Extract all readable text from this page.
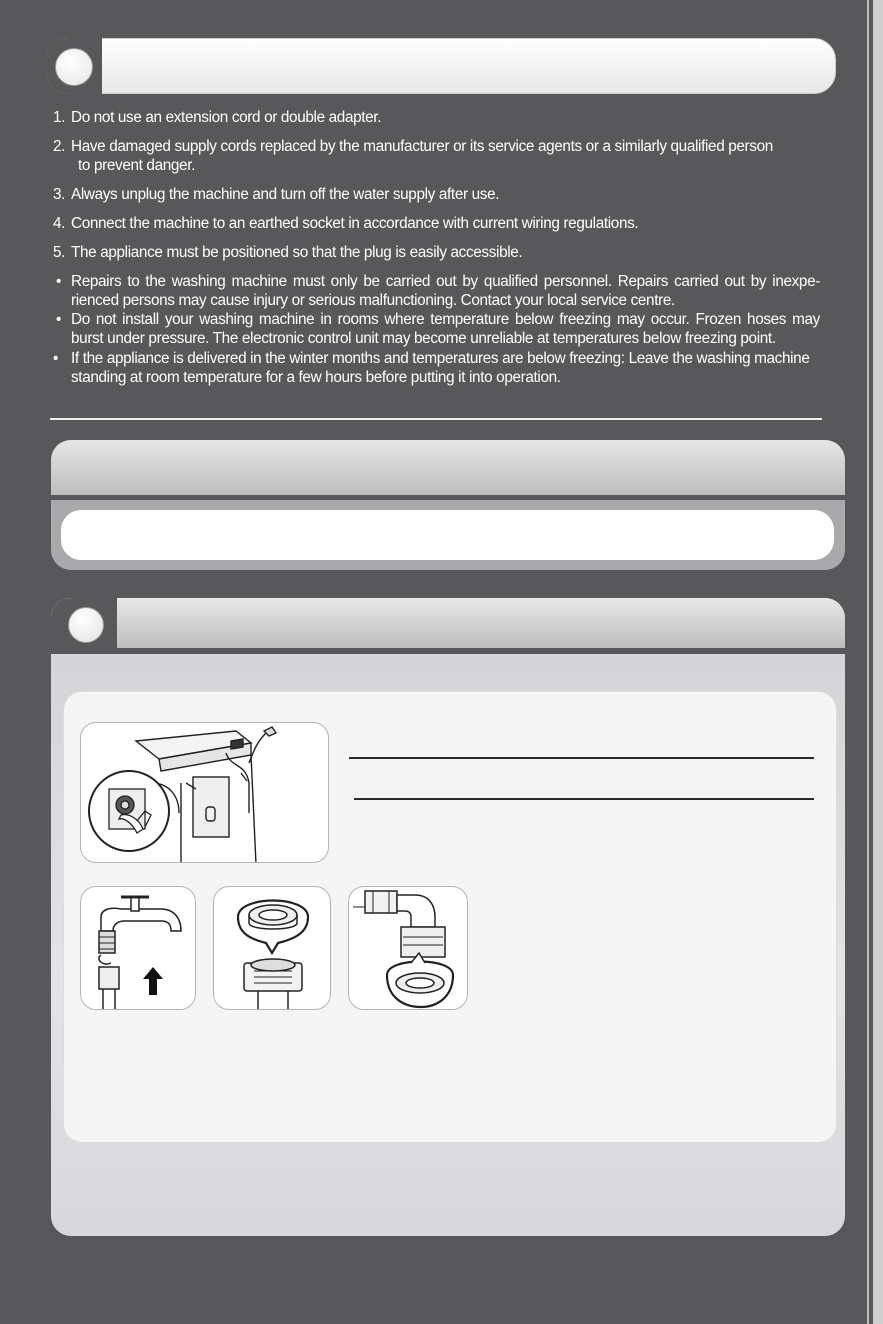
1. Do not use an extension cord or double adapter.
2. Have damaged supply cords replaced by the manufacturer or its service agents or a similarly qualified person
to prevent danger.
3. Always unplug the machine and turn off the water supply after use.
4. Connect the machine to an earthed socket in accordance with current wiring regulations.
5. The appliance must be positioned so that the plug is easily accessible.
• Repairs to the washing machine must only be carried out by qualified personnel. Repairs carried out by inexpe-rienced persons may cause injury or serious malfunctioning. Contact your local service centre.
• Do not install your washing machine in rooms where temperature below freezing may occur. Frozen hoses may burst under pressure. The electronic control unit may become unreliable at temperatures below freezing point.
• If the appliance is delivered in the winter months and temperatures are below freezing: Leave the washing machine standing at room temperature for a few hours before putting it into operation.
